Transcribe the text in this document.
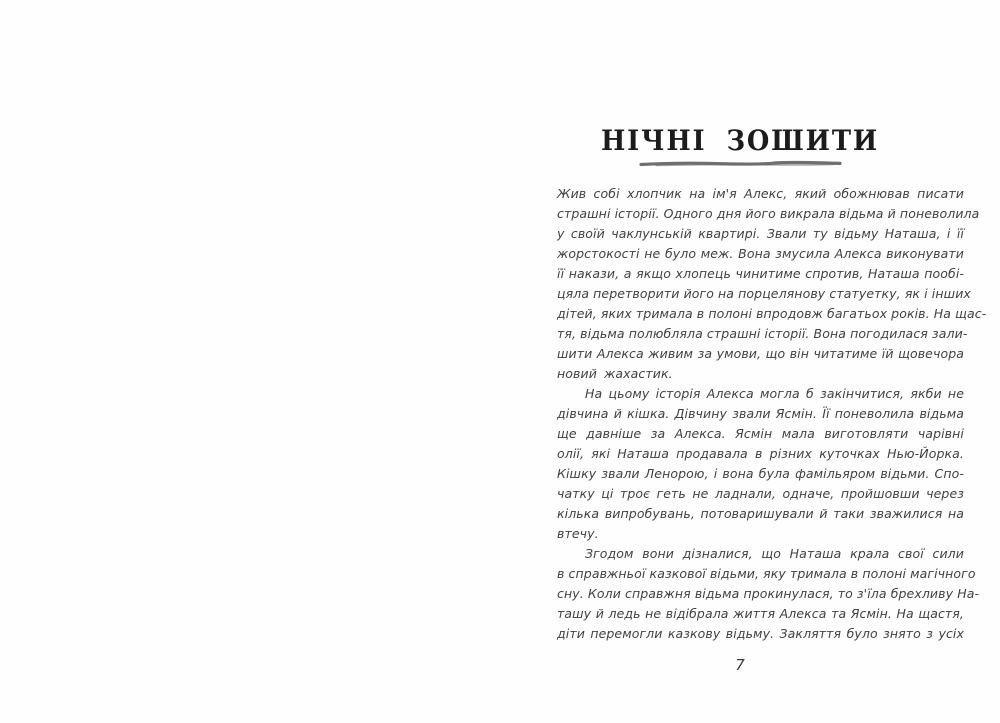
НІЧНІ ЗОШИТИ
Жив собі хлопчик на ім'я Алекс, який обожнював писати
страшні історії. Одного дня його викрала відьма й поневолила
у своїй чаклунській квартирі. Звали ту відьму Наташа, і її
жорстокості не було меж. Вона змусила Алекса виконувати
її накази, а якщо хлопець чинитиме спротив, Наташа пообі-
цяла перетворити його на порцелянову статуетку, як і інших
дітей, яких тримала в полоні впродовж багатьох років. На щас-
тя, відьма полюбляла страшні історії. Вона погодилася зали-
шити Алекса живим за умови, що він читатиме їй щовечора
новий жахастик.
На цьому історія Алекса могла б закінчитися, якби не
дівчина й кішка. Дівчину звали Ясмін. Її поневолила відьма
ще давніше за Алекса. Ясмін мала виготовляти чарівні
олії, які Наташа продавала в різних куточках Нью-Йорка.
Кішку звали Ленорою, і вона була фамільяром відьми. Спо-
чатку ці троє геть не ладнали, одначе, пройшовши через
кілька випробувань, потоваришували й таки зважилися на
втечу.
Згодом вони дізналися, що Наташа крала свої сили
в справжньої казкової відьми, яку тримала в полоні магічного
сну. Коли справжня відьма прокинулася, то з'їла брехливу На-
ташу й ледь не відібрала життя Алекса та Ясмін. На щастя,
діти перемогли казкову відьму. Закляття було знято з усіх
7
